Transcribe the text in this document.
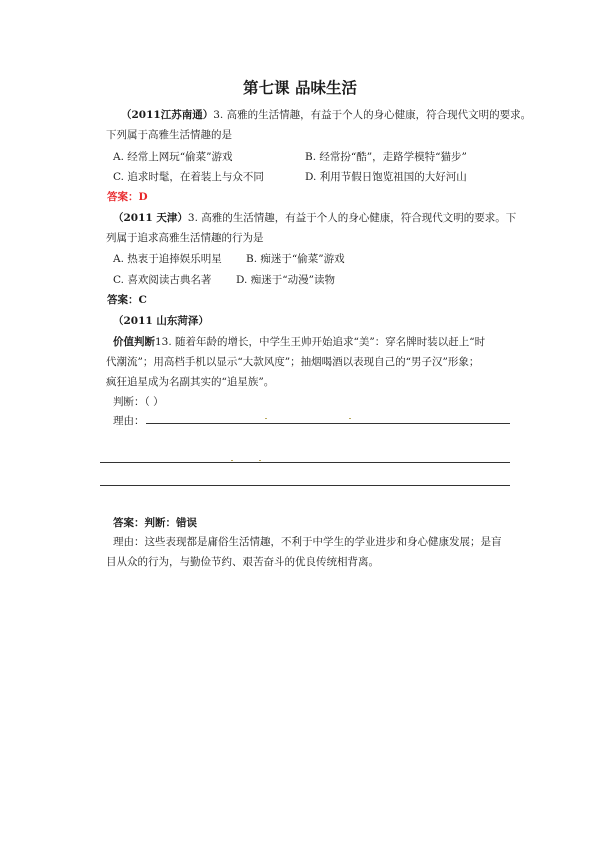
第七课 品味生活
（2011江苏南通）3. 高雅的生活情趣，有益于个人的身心健康，符合现代文明的要求。
下列属于高雅生活情趣的是
A. 经常上网玩“偷菜”游戏	B. 经常扮“酷”，走路学模特“猫步”
C. 追求时髦，在着装上与众不同	D. 利用节假日饱览祖国的大好河山
答案：D
（2011 天津）3. 高雅的生活情趣，有益于个人的身心健康，符合现代文明的要求。下
列属于追求高雅生活情趣的行为是
A. 热衷于追捧娱乐明星 B. 痴迷于“偷菜”游戏
C. 喜欢阅读古典名著 D. 痴迷于“动漫”读物
答案：C
（2011 山东菏泽）
价值判断13. 随着年龄的增长，中学生王帅开始追求“美”：穿名牌时装以赶上“时
代潮流”；用高档手机以显示“大款风度”；抽烟喝酒以表现自己的“男子汉”形象；
疯狂追星成为名副其实的“追星族”。
判断：（ ）
理由：
答案：判断：错误
理由：这些表现都是庸俗生活情趣，不利于中学生的学业进步和身心健康发展；是盲
目从众的行为，与勤俭节约、艰苦奋斗的优良传统相背离。
